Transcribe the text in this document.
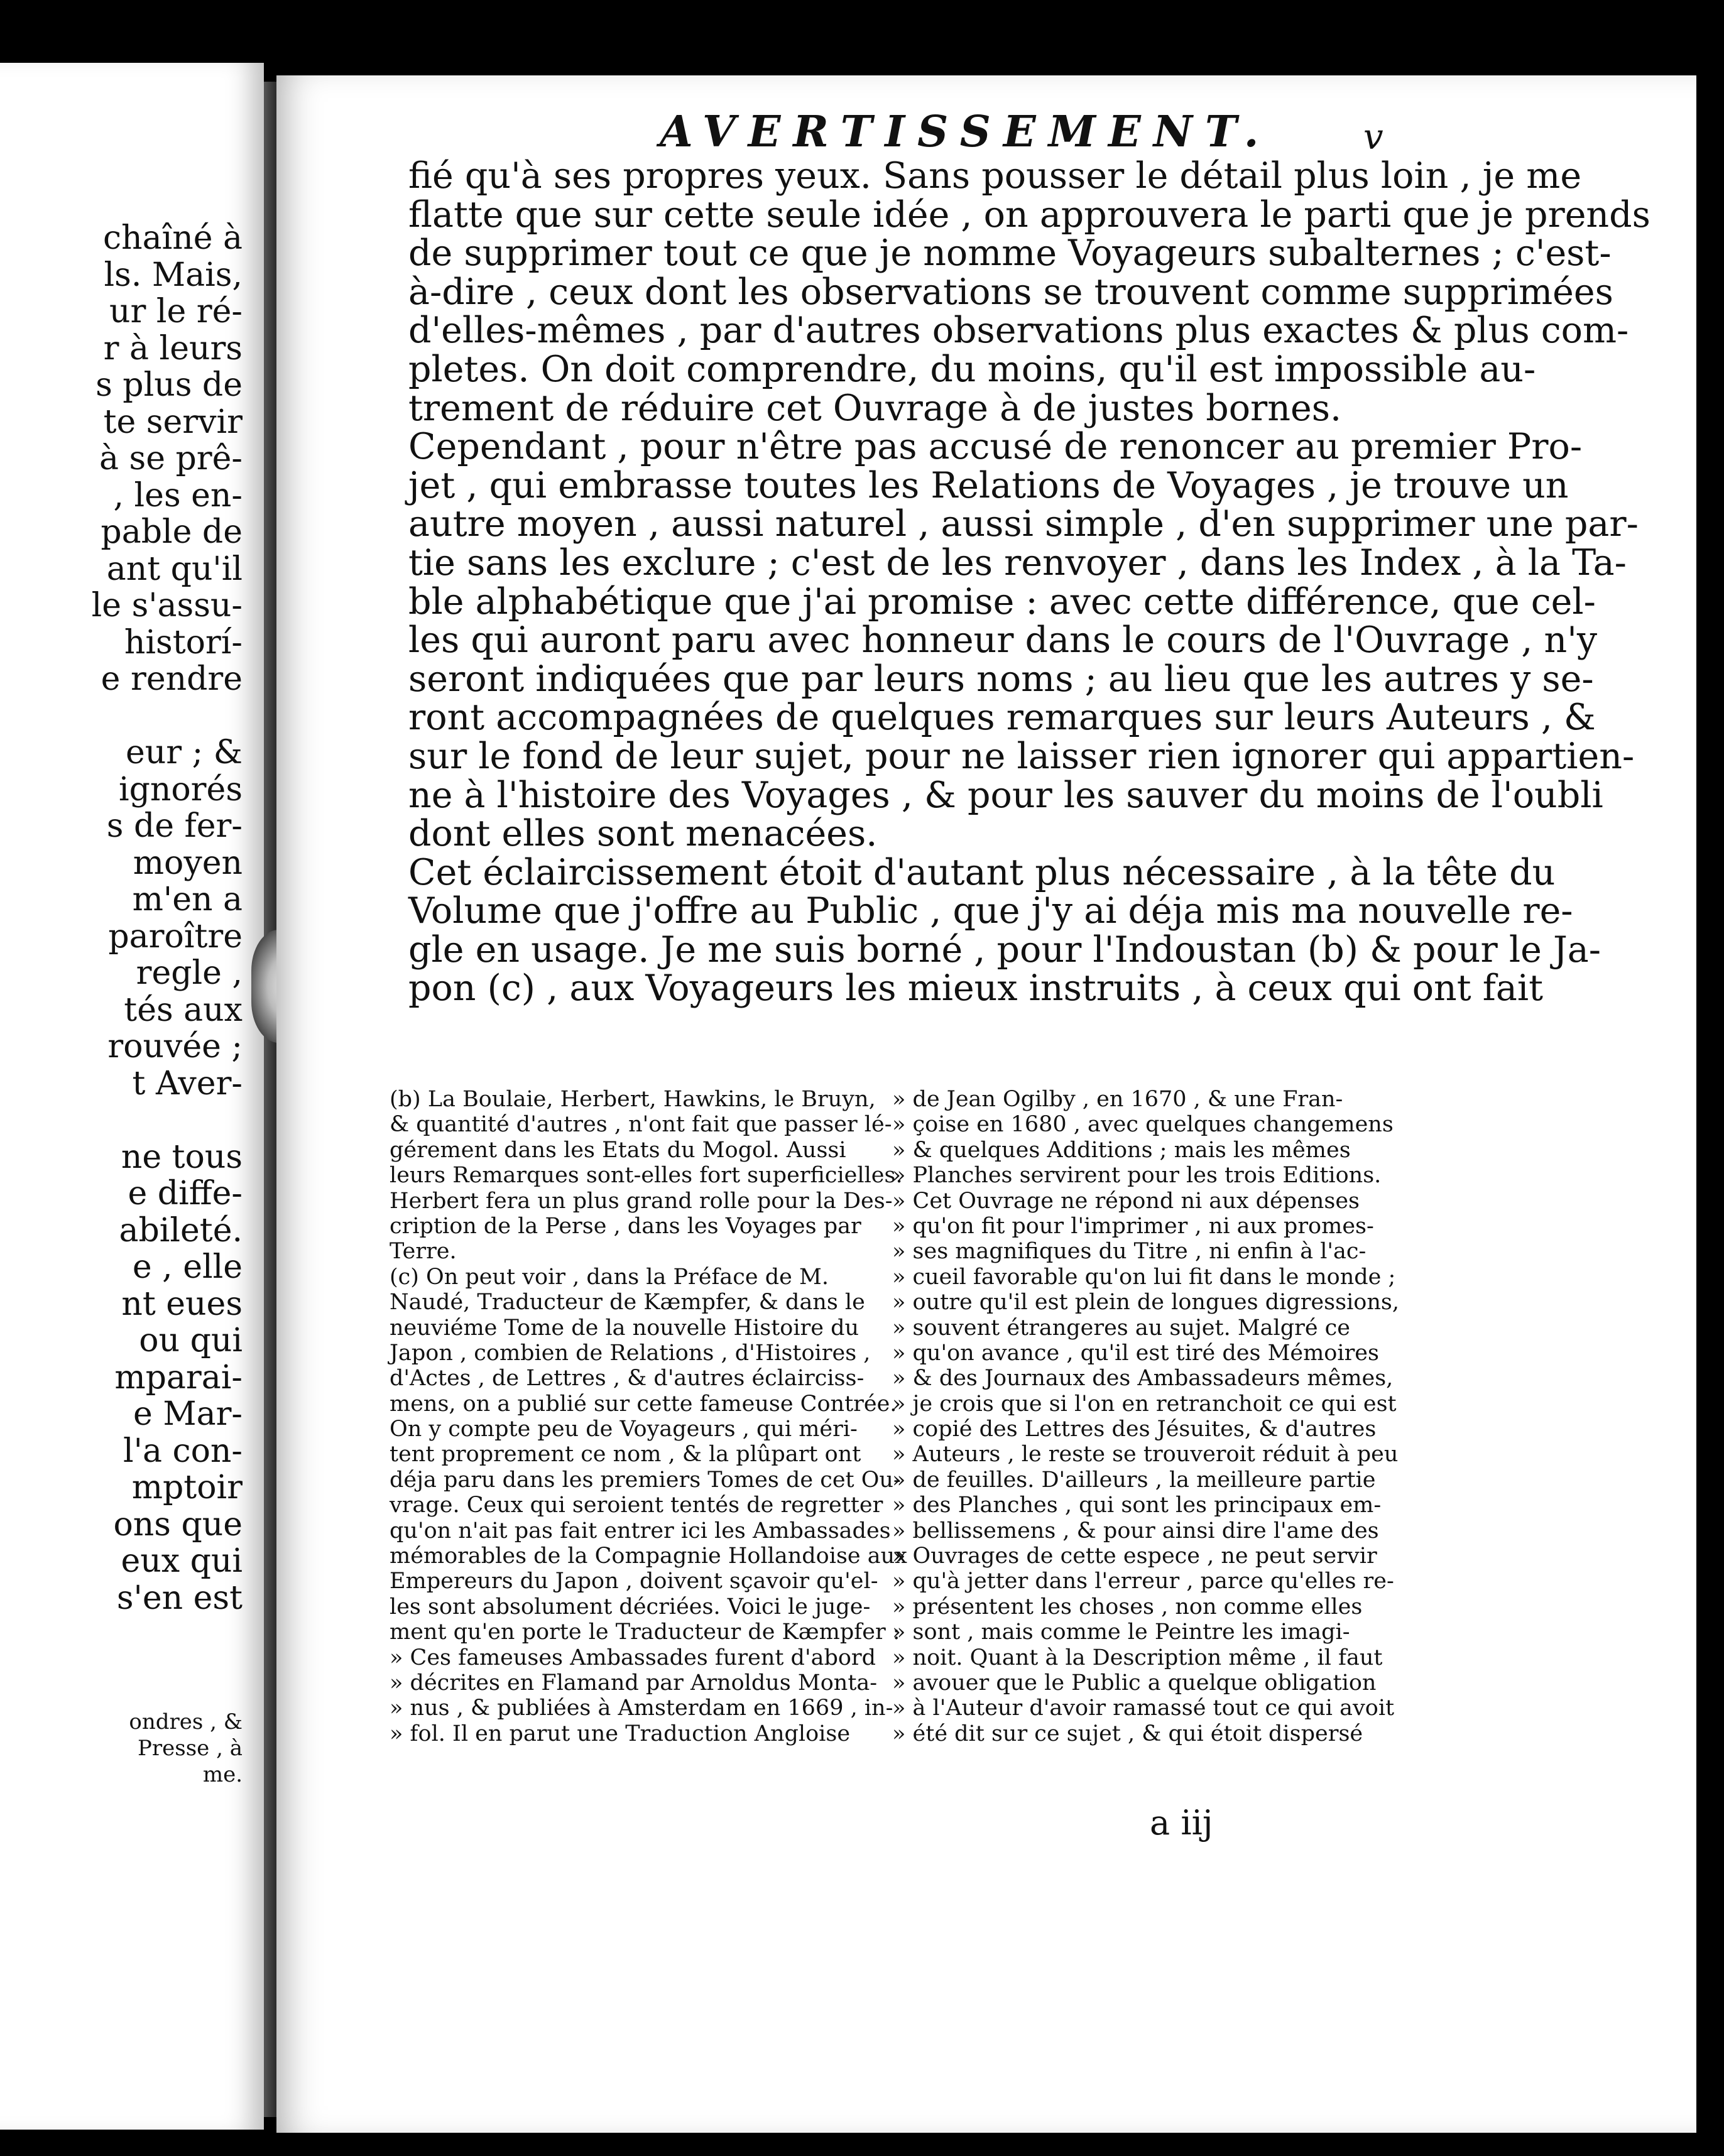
chaîné à
ls. Mais,
ur le ré-
r à leurs
s plus de
te servir
à se prê-
, les en-
pable de
ant qu'il
le s'assu-
historí-
e rendre
eur ; &
ignorés
s de fer-
moyen
m'en a
paroître
regle ,
tés aux
rouvée ;
t Aver-
ne tous
e diffe-
abileté.
e , elle
nt eues
ou qui
mparai-
e Mar-
l'a con-
mptoir
ons que
eux qui
s'en est
ondres , &
Presse , à
me.
AVERTISSEMENT.	v
fié qu'à ses propres yeux. Sans pousser le détail plus loin , je me
flatte que sur cette seule idée , on approuvera le parti que je prends
de supprimer tout ce que je nomme Voyageurs subalternes ; c'est-
à-dire , ceux dont les observations se trouvent comme supprimées
d'elles-mêmes , par d'autres observations plus exactes & plus com-
pletes. On doit comprendre, du moins, qu'il est impossible au-
trement de réduire cet Ouvrage à de justes bornes.
Cependant , pour n'être pas accusé de renoncer au premier Pro-
jet , qui embrasse toutes les Relations de Voyages , je trouve un
autre moyen , aussi naturel , aussi simple , d'en supprimer une par-
tie sans les exclure ; c'est de les renvoyer , dans les Index , à la Ta-
ble alphabétique que j'ai promise : avec cette différence, que cel-
les qui auront paru avec honneur dans le cours de l'Ouvrage , n'y
seront indiquées que par leurs noms ; au lieu que les autres y se-
ront accompagnées de quelques remarques sur leurs Auteurs , &
sur le fond de leur sujet, pour ne laisser rien ignorer qui appartien-
ne à l'histoire des Voyages , & pour les sauver du moins de l'oubli
dont elles sont menacées.
Cet éclaircissement étoit d'autant plus nécessaire , à la tête du
Volume que j'offre au Public , que j'y ai déja mis ma nouvelle re-
gle en usage. Je me suis borné , pour l'Indoustan (b) & pour le Ja-
pon (c) , aux Voyageurs les mieux instruits , à ceux qui ont fait
(b) La Boulaie, Herbert, Hawkins, le Bruyn,
& quantité d'autres , n'ont fait que passer lé-
gérement dans les Etats du Mogol. Aussi
leurs Remarques sont-elles fort superficielles.
Herbert fera un plus grand rolle pour la Des-
cription de la Perse , dans les Voyages par
Terre.
(c) On peut voir , dans la Préface de M.
Naudé, Traducteur de Kæmpfer, & dans le
neuviéme Tome de la nouvelle Histoire du
Japon , combien de Relations , d'Histoires ,
d'Actes , de Lettres , & d'autres éclairciss-
mens, on a publié sur cette fameuse Contrée.
On y compte peu de Voyageurs , qui méri-
tent proprement ce nom , & la plûpart ont
déja paru dans les premiers Tomes de cet Ou-
vrage. Ceux qui seroient tentés de regretter
qu'on n'ait pas fait entrer ici les Ambassades
mémorables de la Compagnie Hollandoise aux
Empereurs du Japon , doivent sçavoir qu'el-
les sont absolument décriées. Voici le juge-
ment qu'en porte le Traducteur de Kæmpfer :
» Ces fameuses Ambassades furent d'abord
» décrites en Flamand par Arnoldus Monta-
» nus , & publiées à Amsterdam en 1669 , in-
» fol. Il en parut une Traduction Angloise
» de Jean Ogilby , en 1670 , & une Fran-
» çoise en 1680 , avec quelques changemens
» & quelques Additions ; mais les mêmes
» Planches servirent pour les trois Editions.
» Cet Ouvrage ne répond ni aux dépenses
» qu'on fit pour l'imprimer , ni aux promes-
» ses magnifiques du Titre , ni enfin à l'ac-
» cueil favorable qu'on lui fit dans le monde ;
» outre qu'il est plein de longues digressions,
» souvent étrangeres au sujet. Malgré ce
» qu'on avance , qu'il est tiré des Mémoires
» & des Journaux des Ambassadeurs mêmes,
» je crois que si l'on en retranchoit ce qui est
» copié des Lettres des Jésuites, & d'autres
» Auteurs , le reste se trouveroit réduit à peu
» de feuilles. D'ailleurs , la meilleure partie
» des Planches , qui sont les principaux em-
» bellissemens , & pour ainsi dire l'ame des
» Ouvrages de cette espece , ne peut servir
» qu'à jetter dans l'erreur , parce qu'elles re-
» présentent les choses , non comme elles
» sont , mais comme le Peintre les imagi-
» noit. Quant à la Description même , il faut
» avouer que le Public a quelque obligation
» à l'Auteur d'avoir ramassé tout ce qui avoit
» été dit sur ce sujet , & qui étoit dispersé
a iij
